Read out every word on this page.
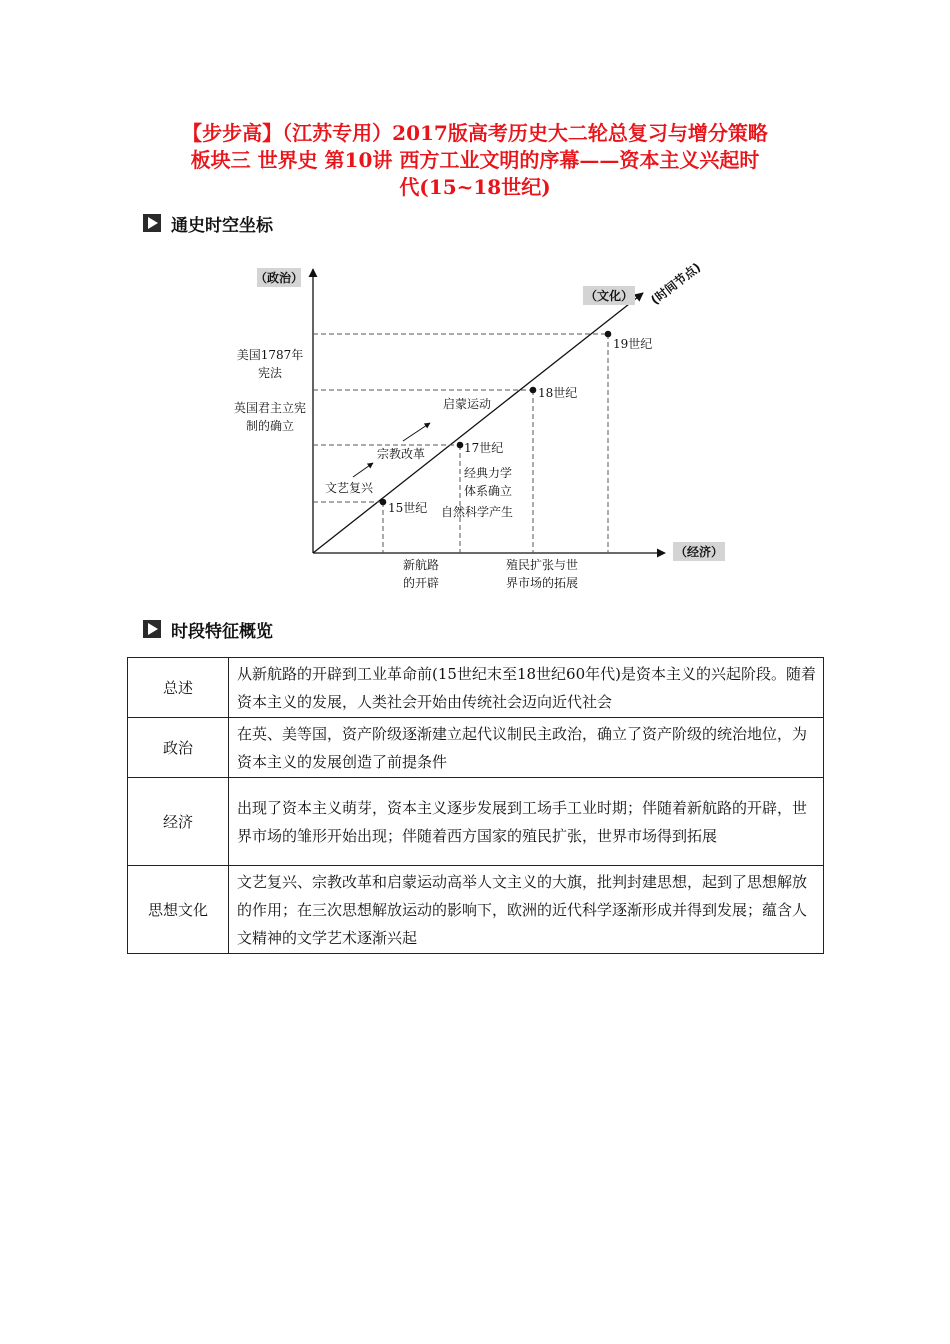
【步步高】（江苏专用）2017版高考历史大二轮总复习与增分策略
板块三 世界史 第10讲 西方工业文明的序幕——资本主义兴起时
代(15~18世纪)
通史时空坐标
15世纪
17世纪
18世纪
19世纪
（政治）
（经济）
（文化） (时间节点)
美国1787年
宪法
英国君主立宪
制的确立
文艺复兴
宗教改革
启蒙运动
经典力学
体系确立
自然科学产生
新航路
的开辟
殖民扩张与世
界市场的拓展
时段特征概览
总述	从新航路的开辟到工业革命前(15世纪末至18世纪60年代)是资本主义的兴起阶段。随着资本主义的发展，人类社会开始由传统社会迈向近代社会
政治	在英、美等国，资产阶级逐渐建立起代议制民主政治，确立了资产阶级的统治地位，为资本主义的发展创造了前提条件
经济	出现了资本主义萌芽，资本主义逐步发展到工场手工业时期；伴随着新航路的开辟，世界市场的雏形开始出现；伴随着西方国家的殖民扩张，世界市场得到拓展
思想文化	文艺复兴、宗教改革和启蒙运动高举人文主义的大旗，批判封建思想，起到了思想解放的作用；在三次思想解放运动的影响下，欧洲的近代科学逐渐形成并得到发展；蕴含人文精神的文学艺术逐渐兴起
